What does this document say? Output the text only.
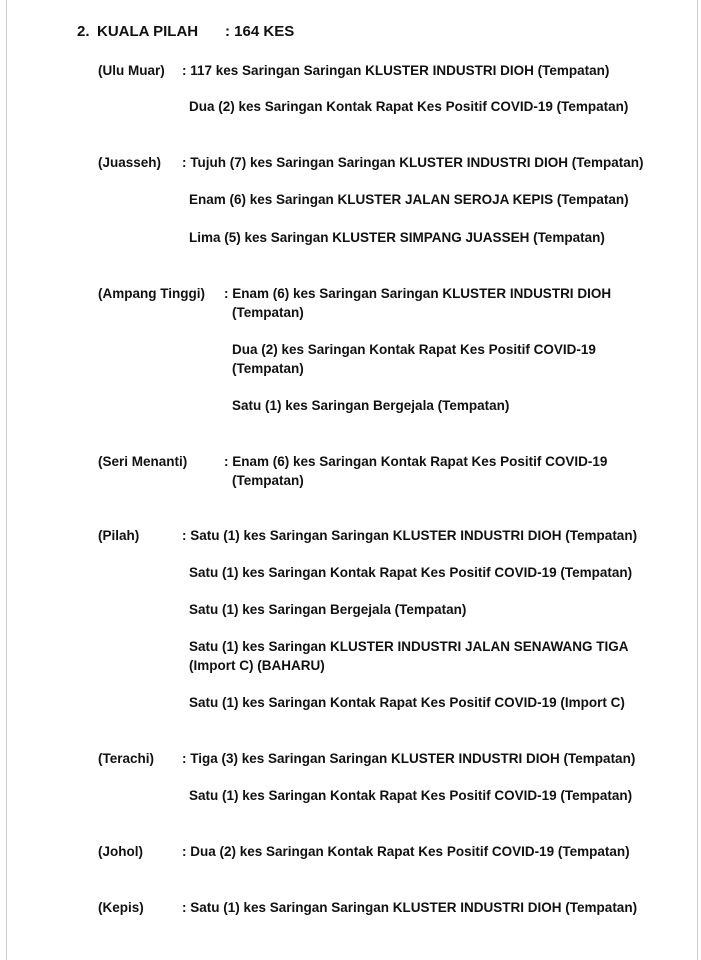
2. KUALA PILAH : 164 KES
(Ulu Muar) : 117 kes Saringan Saringan KLUSTER INDUSTRI DIOH (Tempatan)
Dua (2) kes Saringan Kontak Rapat Kes Positif COVID-19 (Tempatan)
(Juasseh) : Tujuh (7) kes Saringan Saringan KLUSTER INDUSTRI DIOH (Tempatan)
Enam (6) kes Saringan KLUSTER JALAN SEROJA KEPIS (Tempatan)
Lima (5) kes Saringan KLUSTER SIMPANG JUASSEH (Tempatan)
(Ampang Tinggi) : Enam (6) kes Saringan Saringan KLUSTER INDUSTRI DIOH
(Tempatan)
Dua (2) kes Saringan Kontak Rapat Kes Positif COVID-19
(Tempatan)
Satu (1) kes Saringan Bergejala (Tempatan)
(Seri Menanti)	: Enam (6) kes Saringan Kontak Rapat Kes Positif COVID-19
(Tempatan)
(Pilah)	: Satu (1) kes Saringan Saringan KLUSTER INDUSTRI DIOH (Tempatan)
Satu (1) kes Saringan Kontak Rapat Kes Positif COVID-19 (Tempatan)
Satu (1) kes Saringan Bergejala (Tempatan)
Satu (1) kes Saringan KLUSTER INDUSTRI JALAN SENAWANG TIGA
(Import C) (BAHARU)
Satu (1) kes Saringan Kontak Rapat Kes Positif COVID-19 (Import C)
(Terachi) : Tiga (3) kes Saringan Saringan KLUSTER INDUSTRI DIOH (Tempatan)
Satu (1) kes Saringan Kontak Rapat Kes Positif COVID-19 (Tempatan)
(Johol)	: Dua (2) kes Saringan Kontak Rapat Kes Positif COVID-19 (Tempatan)
(Kepis)	: Satu (1) kes Saringan Saringan KLUSTER INDUSTRI DIOH (Tempatan)
